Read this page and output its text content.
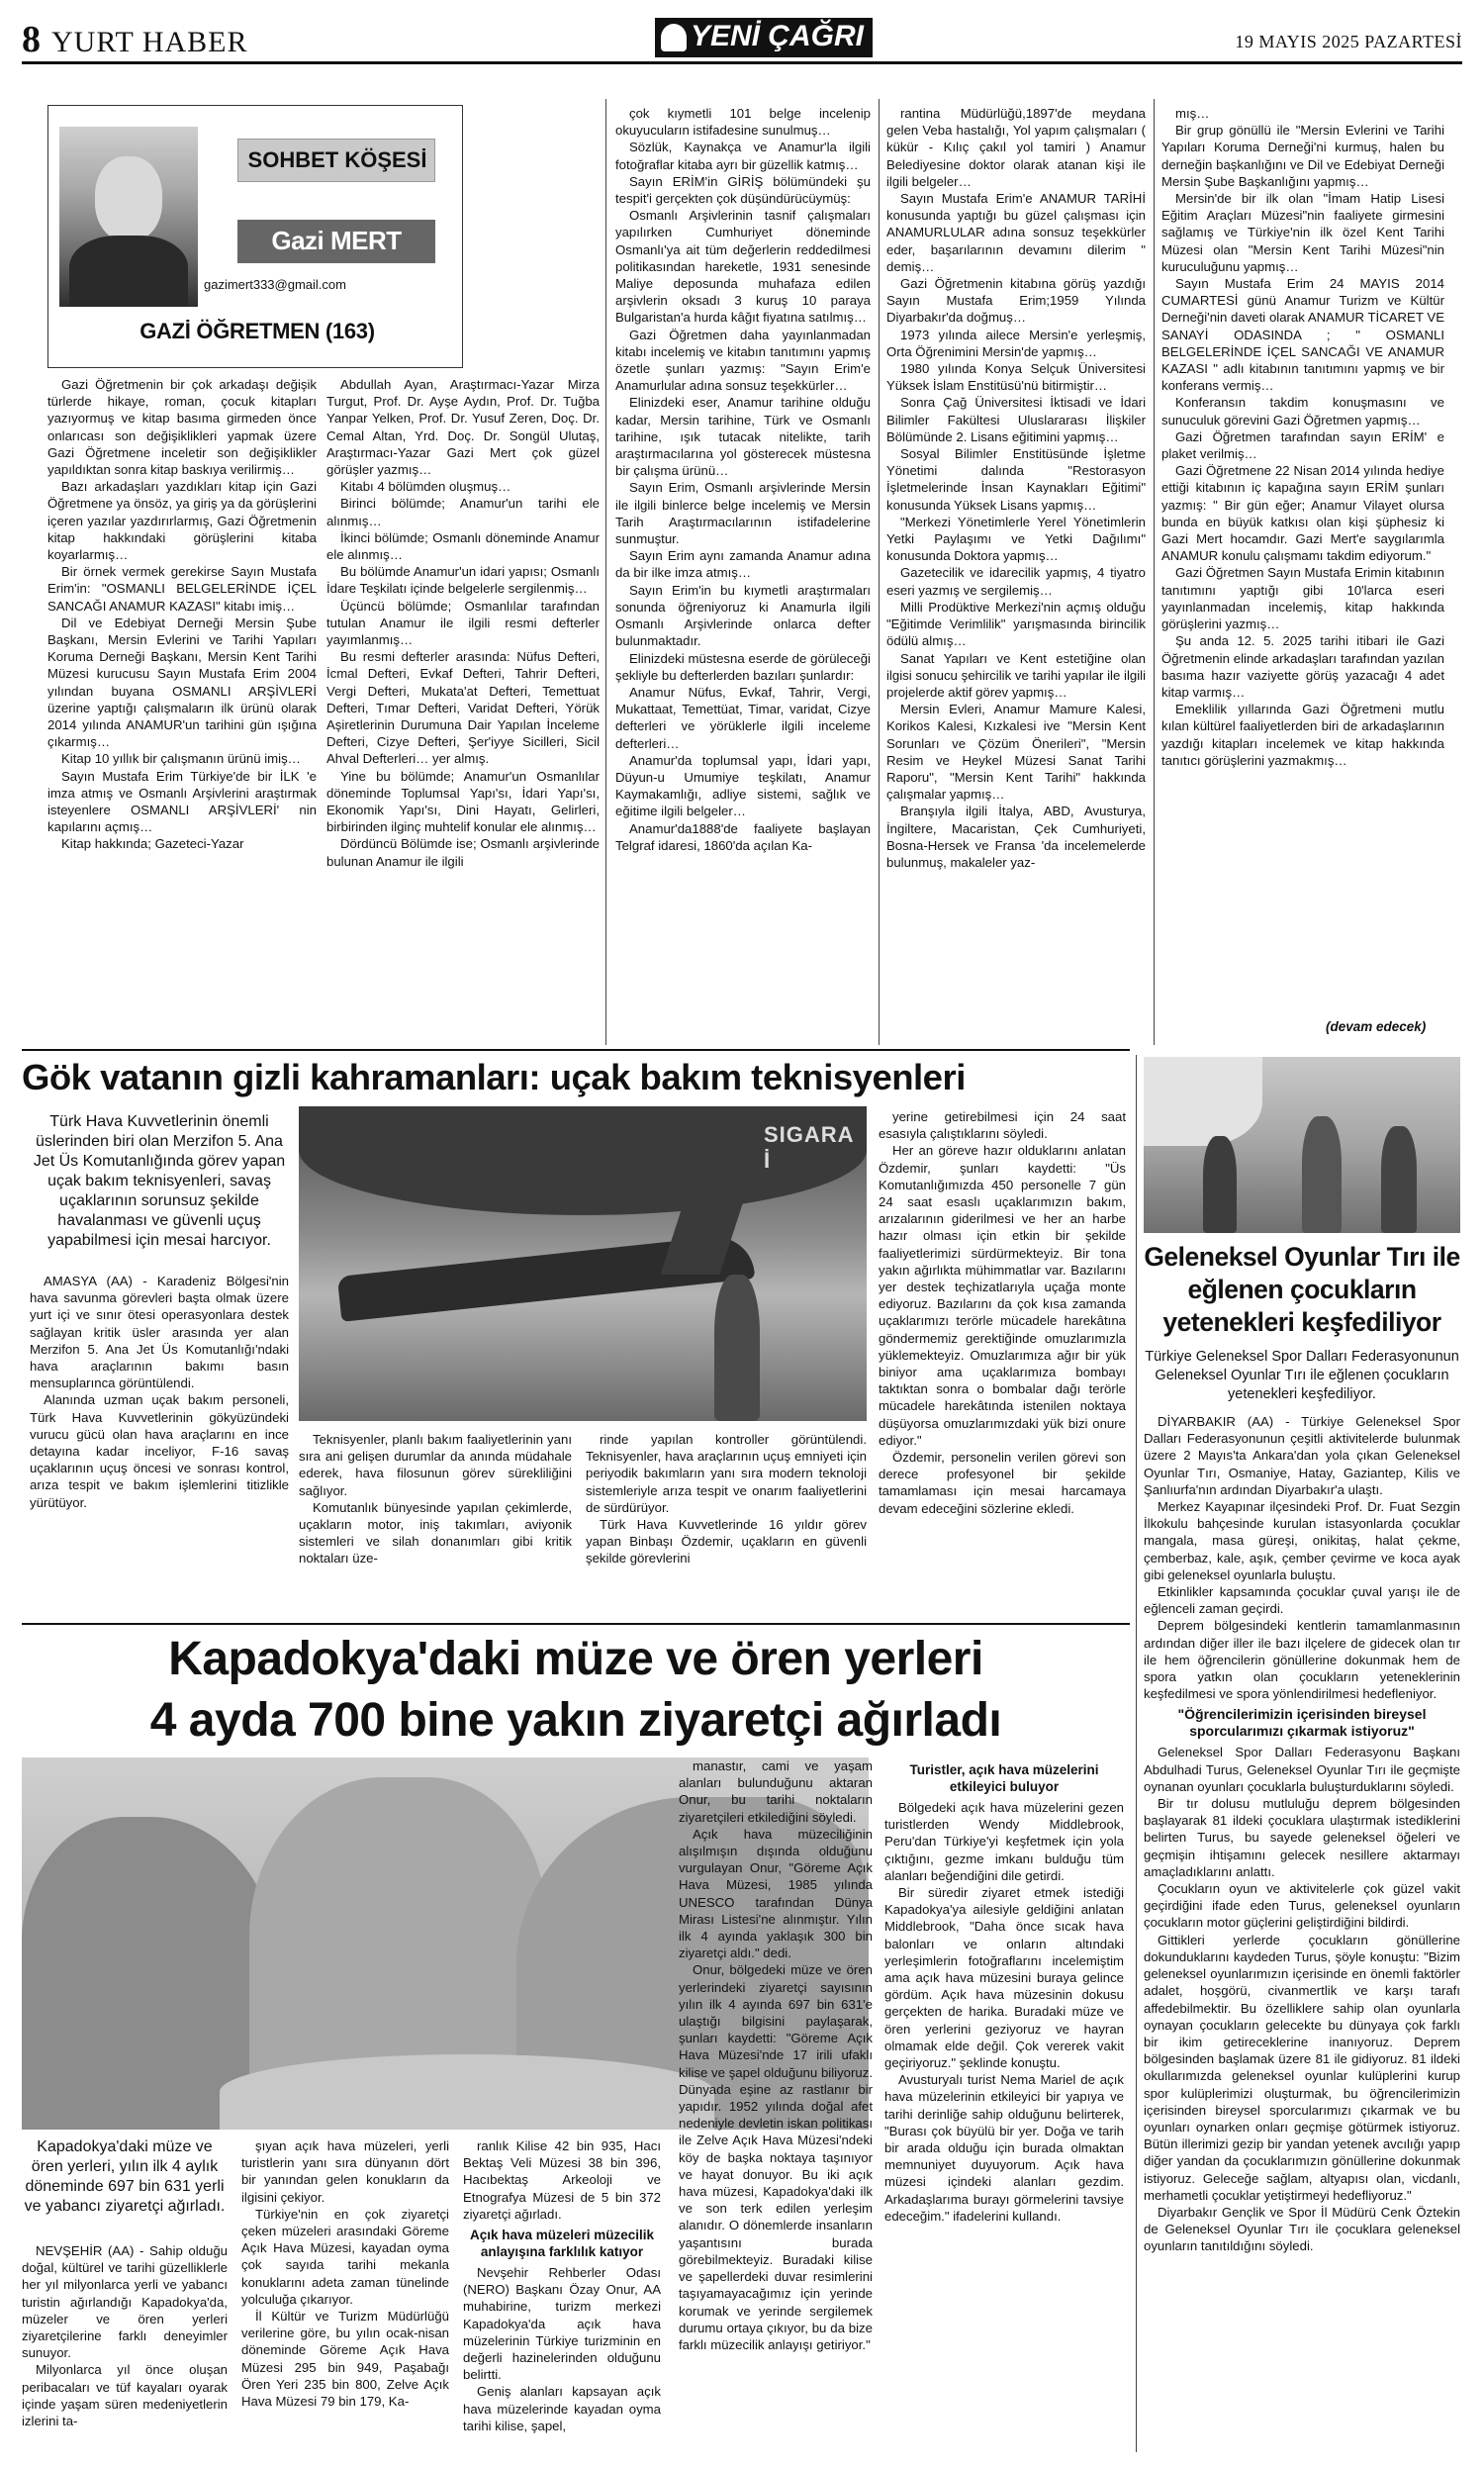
8 YURT HABER	YENİ ÇAĞRI	19 MAYIS 2025 PAZARTESİ
SOHBET KÖŞESİ
Gazi MERT
gazimert333@gmail.com
GAZİ ÖĞRETMEN (163)

Gazi Öğretmenin bir çok arkadaşı değişik türlerde hikaye, roman, çocuk kitapları yazıyormuş ve kitap basıma girmeden önce onlarıcası son değişiklikleri yapmak üzere Gazi Öğretmene inceletir son değişiklikler yapıldıktan sonra kitap baskıya verilirmiş…

Bazı arkadaşları yazdıkları kitap için Gazi Öğretmene ya önsöz, ya giriş ya da görüşlerini içeren yazılar yazdırırlarmış, Gazi Öğretmenin kitap hakkındaki görüşlerini kitaba koyarlarmış…

Bir örnek vermek gerekirse Sayın Mustafa Erim'in: "OSMANLI BELGELERİNDE İÇEL SANCAĞI ANAMUR KAZASI" kitabı imiş…

Dil ve Edebiyat Derneği Mersin Şube Başkanı, Mersin Evlerini ve Tarihi Yapıları Koruma Derneği Başkanı, Mersin Kent Tarihi Müzesi kurucusu Sayın Mustafa Erim 2004 yılından buyana OSMANLI ARŞİVLERİ üzerine yaptığı çalışmaların ilk ürünü olarak 2014 yılında ANAMUR'un tarihini gün ışığına çıkarmış…

Kitap 10 yıllık bir çalışmanın ürünü imiş…

Sayın Mustafa Erim Türkiye'de bir İLK 'e imza atmış ve Osmanlı Arşivlerini araştırmak isteyenlere OSMANLI ARŞİVLERİ' nin kapılarını açmış…

Kitap hakkında; Gazeteci-Yazar

Abdullah Ayan, Araştırmacı-Yazar Mirza Turgut, Prof. Dr. Ayşe Aydın, Prof. Dr. Tuğba Yanpar Yelken, Prof. Dr. Yusuf Zeren, Doç. Dr. Cemal Altan, Yrd. Doç. Dr. Songül Ulutaş, Araştırmacı-Yazar Gazi Mert çok güzel görüşler yazmış…

Kitabı 4 bölümden oluşmuş…

Birinci bölümde; Anamur'un tarihi ele alınmış…

İkinci bölümde; Osmanlı döneminde Anamur ele alınmış…

Bu bölümde Anamur'un idari yapısı; Osmanlı İdare Teşkilatı içinde belgelerle sergilenmiş…

Üçüncü bölümde; Osmanlılar tarafından tutulan Anamur ile ilgili resmi defterler yayımlanmış…

Bu resmi defterler arasında: Nüfus Defteri, İcmal Defteri, Evkaf Defteri, Tahrir Defteri, Vergi Defteri, Mukata'at Defteri, Temettuat Defteri, Tımar Defteri, Varidat Defteri, Yörük Aşiretlerinin Durumuna Dair Yapılan İnceleme Defteri, Cizye Defteri, Şer'iyye Sicilleri, Sicil Ahval Defterleri… yer almış.

Yine bu bölümde; Anamur'un Osmanlılar döneminde Toplumsal Yapı'sı, İdari Yapı'sı, Ekonomik Yapı'sı, Dini Hayatı, Gelirleri, birbirinden ilginç muhtelif konular ele alınmış…

Dördüncü Bölümde ise; Osmanlı arşivlerinde bulunan Anamur ile ilgili

çok kıymetli 101 belge incelenip okuyucuların istifadesine sunulmuş…

Sözlük, Kaynakça ve Anamur'la ilgili fotoğraflar kitaba ayrı bir güzellik katmış…

Sayın ERİM'in GİRİŞ bölümündeki şu tespit'i gerçekten çok düşündürücüymüş:

Osmanlı Arşivlerinin tasnif çalışmaları yapılırken Cumhuriyet döneminde Osmanlı'ya ait tüm değerlerin reddedilmesi politikasından hareketle, 1931 senesinde Maliye deposunda muhafaza edilen arşivlerin oksadı 3 kuruş 10 paraya Bulgaristan'a hurda kâğıt fiyatına satılmış…

Gazi Öğretmen daha yayınlanmadan kitabı incelemiş ve kitabın tanıtımını yapmış özetle şunları yazmış: "Sayın Erim'e Anamurlular adına sonsuz teşekkürler…

Elinizdeki eser, Anamur tarihine olduğu kadar, Mersin tarihine, Türk ve Osmanlı tarihine, ışık tutacak nitelikte, tarih araştırmacılarına yol gösterecek müstesna bir çalışma ürünü…

Sayın Erim, Osmanlı arşivlerinde Mersin ile ilgili binlerce belge incelemiş ve Mersin Tarih Araştırmacılarının istifadelerine sunmuştur.

Sayın Erim aynı zamanda Anamur adına da bir ilke imza atmış…

Sayın Erim'in bu kıymetli araştırmaları sonunda öğreniyoruz ki Anamurla ilgili Osmanlı Arşivlerinde onlarca defter bulunmaktadır.

Elinizdeki müstesna eserde de görüleceği şekliyle bu defterlerden bazıları şunlardır:

Anamur Nüfus, Evkaf, Tahrir, Vergi, Mukattaat, Temettüat, Timar, varidat, Cizye defterleri ve yörüklerle ilgili inceleme defterleri…

Anamur'da toplumsal yapı, İdari yapı, Düyun-u Umumiye teşkilatı, Anamur Kaymakamlığı, adliye sistemi, sağlık ve eğitime ilgili belgeler…

Anamur'da1888'de faaliyete başlayan Telgraf idaresi, 1860'da açılan Ka-

rantina Müdürlüğü,1897'de meydana gelen Veba hastalığı, Yol yapım çalışmaları ( kükür - Kılıç çakıl yol tamiri ) Anamur Belediyesine doktor olarak atanan kişi ile ilgili belgeler…

Sayın Mustafa Erim'e ANAMUR TARİHİ konusunda yaptığı bu güzel çalışması için ANAMURLULAR adına sonsuz teşekkürler eder, başarılarının devamını dilerim " demiş…

Gazi Öğretmenin kitabına görüş yazdığı Sayın Mustafa Erim;1959 Yılında Diyarbakır'da doğmuş…

1973 yılında ailece Mersin'e yerleşmiş, Orta Öğrenimini Mersin'de yapmış…

1980 yılında Konya Selçuk Üniversitesi Yüksek İslam Enstitüsü'nü bitirmiştir…

Sonra Çağ Üniversitesi İktisadi ve İdari Bilimler Fakültesi Uluslararası İlişkiler Bölümünde 2. Lisans eğitimini yapmış…

Sosyal Bilimler Enstitüsünde İşletme Yönetimi dalında "Restorasyon İşletmelerinde İnsan Kaynakları Eğitimi" konusunda Yüksek Lisans yapmış…

"Merkezi Yönetimlerle Yerel Yönetimlerin Yetki Paylaşımı ve Yetki Dağılımı" konusunda Doktora yapmış…

Gazetecilik ve idarecilik yapmış, 4 tiyatro eseri yazmış ve sergilemiş…

Milli Prodüktive Merkezi'nin açmış olduğu "Eğitimde Verimlilik" yarışmasında birincilik ödülü almış…

Sanat Yapıları ve Kent estetiğine olan ilgisi sonucu şehircilik ve tarihi yapılar ile ilgili projelerde aktif görev yapmış…

Mersin Evleri, Anamur Mamure Kalesi, Korikos Kalesi, Kızkalesi ive "Mersin Kent Sorunları ve Çözüm Önerileri", "Mersin Resim ve Heykel Müzesi Sanat Tarihi Raporu", "Mersin Kent Tarihi" hakkında çalışmalar yapmış…

Branşıyla ilgili İtalya, ABD, Avusturya, İngiltere, Macaristan, Çek Cumhuriyeti, Bosna-Hersek ve Fransa 'da incelemelerde bulunmuş, makaleler yaz-

mış…

Bir grup gönüllü ile "Mersin Evlerini ve Tarihi Yapıları Koruma Derneği'ni kurmuş, halen bu derneğin başkanlığını ve Dil ve Edebiyat Derneği Mersin Şube Başkanlığını yapmış…

Mersin'de bir ilk olan "İmam Hatip Lisesi Eğitim Araçları Müzesi"nin faaliyete girmesini sağlamış ve Türkiye'nin ilk özel Kent Tarihi Müzesi olan "Mersin Kent Tarihi Müzesi"nin kuruculuğunu yapmış…

Sayın Mustafa Erim 24 MAYIS 2014 CUMARTESİ günü Anamur Turizm ve Kültür Derneği'nin daveti olarak ANAMUR TİCARET VE SANAYİ ODASINDA ; " OSMANLI BELGELERİNDE İÇEL SANCAĞI VE ANAMUR KAZASI " adlı kitabının tanıtımını yapmış ve bir konferans vermiş…

Konferansın takdim konuşmasını ve sunuculuk görevini Gazi Öğretmen yapmış…

Gazi Öğretmen tarafından sayın ERİM' e plaket verilmiş…

Gazi Öğretmene 22 Nisan 2014 yılında hediye ettiği kitabının iç kapağına sayın ERİM şunları yazmış: " Bir gün eğer; Anamur Vilayet olursa bunda en büyük katkısı olan kişi şüphesiz ki Gazi Mert hocamdır. Gazi Mert'e saygılarımla ANAMUR konulu çalışmamı takdim ediyorum."

Gazi Öğretmen Sayın Mustafa Erimin kitabının tanıtımını yaptığı gibi 10'larca eseri yayınlanmadan incelemiş, kitap hakkında görüşlerini yazmış…

Şu anda 12. 5. 2025 tarihi itibari ile Gazi Öğretmenin elinde arkadaşları tarafından yazılan basıma hazır vaziyette görüş yazacağı 4 adet kitap varmış…

Emeklilik yıllarında Gazi Öğretmeni mutlu kılan kültürel faaliyetlerden biri de arkadaşlarının yazdığı kitapları incelemek ve kitap hakkında tanıtıcı görüşlerini yazmakmış…

(devam edecek)
Gök vatanın gizli kahramanları: uçak bakım teknisyenleri
Türk Hava Kuvvetlerinin önemli üslerinden biri olan Merzifon 5. Ana Jet Üs Komutanlığında görev yapan uçak bakım teknisyenleri, savaş uçaklarının sorunsuz şekilde havalanması ve güvenli uçuş yapabilmesi için mesai harcıyor.
SIGARA İ

AMASYA (AA) - Karadeniz Bölgesi'nin hava savunma görevleri başta olmak üzere yurt içi ve sınır ötesi operasyonlara destek sağlayan kritik üsler arasında yer alan Merzifon 5. Ana Jet Üs Komutanlığı'ndaki hava araçlarının bakımı basın mensuplarınca görüntülendi.

Alanında uzman uçak bakım personeli, Türk Hava Kuvvetlerinin gökyüzündeki vurucu gücü olan hava araçlarını en ince detayına kadar inceliyor, F-16 savaş uçaklarının uçuş öncesi ve sonrası kontrol, arıza tespit ve bakım işlemlerini titizlikle yürütüyor.

Teknisyenler, planlı bakım faaliyetlerinin yanı sıra ani gelişen durumlar da anında müdahale ederek, hava filosunun görev sürekliliğini sağlıyor.

Komutanlık bünyesinde yapılan çekimlerde, uçakların motor, iniş takımları, aviyonik sistemleri ve silah donanımları gibi kritik noktaları üze-

rinde yapılan kontroller görüntülendi. Teknisyenler, hava araçlarının uçuş emniyeti için periyodik bakımların yanı sıra modern teknoloji sistemleriyle arıza tespit ve onarım faaliyetlerini de sürdürüyor.

Türk Hava Kuvvetlerinde 16 yıldır görev yapan Binbaşı Özdemir, uçakların en güvenli şekilde görevlerini

yerine getirebilmesi için 24 saat esasıyla çalıştıklarını söyledi.

Her an göreve hazır olduklarını anlatan Özdemir, şunları kaydetti: "Üs Komutanlığımızda 450 personelle 7 gün 24 saat esaslı uçaklarımızın bakım, arızalarının giderilmesi ve her an harbe hazır olması için etkin bir şekilde faaliyetlerimizi sürdürmekteyiz. Bir tona yakın ağırlıkta mühimmatlar var. Bazılarını yer destek teçhizatlarıyla uçağa monte ediyoruz. Bazılarını da çok kısa zamanda uçaklarımızı terörle mücadele harekâtına göndermemiz gerektiğinde omuzlarımızla yüklemekteyiz. Omuzlarımıza ağır bir yük biniyor ama uçaklarımıza bombayı taktıktan sonra o bombalar dağı terörle mücadele harekâtında istenilen noktaya düşüyorsa omuzlarımızdaki yük bizi onure ediyor."

Özdemir, personelin verilen görevi son derece profesyonel bir şekilde tamamlaması için mesai harcamaya devam edeceğini sözlerine ekledi.

Kapadokya'daki müze ve ören yerleri
4 ayda 700 bine yakın ziyaretçi ağırladı
Kapadokya'daki müze ve ören yerleri, yılın ilk 4 aylık döneminde 697 bin 631 yerli ve yabancı ziyaretçi ağırladı.

NEVŞEHİR (AA) - Sahip olduğu doğal, kültürel ve tarihi güzelliklerle her yıl milyonlarca yerli ve yabancı turistin ağırlandığı Kapadokya'da, müzeler ve ören yerleri ziyaretçilerine farklı deneyimler sunuyor.

Milyonlarca yıl önce oluşan peribacaları ve tüf kayaları oyarak içinde yaşam süren medeniyetlerin izlerini ta-

şıyan açık hava müzeleri, yerli turistlerin yanı sıra dünyanın dört bir yanından gelen konukların da ilgisini çekiyor.

Türkiye'nin en çok ziyaretçi çeken müzeleri arasındaki Göreme Açık Hava Müzesi, kayadan oyma çok sayıda tarihi mekanla konuklarını adeta zaman tünelinde yolculuğa çıkarıyor.

İl Kültür ve Turizm Müdürlüğü verilerine göre, bu yılın ocak-nisan döneminde Göreme Açık Hava Müzesi 295 bin 949, Paşabağı Ören Yeri 235 bin 800, Zelve Açık Hava Müzesi 79 bin 179, Ka-

ranlık Kilise 42 bin 935, Hacı Bektaş Veli Müzesi 38 bin 396, Hacıbektaş Arkeoloji ve Etnografya Müzesi de 5 bin 372 ziyaretçi ağırladı.

Açık hava müzeleri müzecilik anlayışına farklılık katıyor

Nevşehir Rehberler Odası (NERO) Başkanı Özay Onur, AA muhabirine, turizm merkezi Kapadokya'da açık hava müzelerinin Türkiye turizminin en değerli hazinelerinden olduğunu belirtti.

Geniş alanları kapsayan açık hava müzelerinde kayadan oyma tarihi kilise, şapel,

manastır, cami ve yaşam alanları bulunduğunu aktaran Onur, bu tarihi noktaların ziyaretçileri etkilediğini söyledi.

Açık hava müzeciliğinin alışılmışın dışında olduğunu vurgulayan Onur, "Göreme Açık Hava Müzesi, 1985 yılında UNESCO tarafından Dünya Mirası Listesi'ne alınmıştır. Yılın ilk 4 ayında yaklaşık 300 bin ziyaretçi aldı." dedi.

Onur, bölgedeki müze ve ören yerlerindeki ziyaretçi sayısının yılın ilk 4 ayında 697 bin 631'e ulaştığı bilgisini paylaşarak, şunları kaydetti: "Göreme Açık Hava Müzesi'nde 17 irili ufaklı kilise ve şapel olduğunu biliyoruz. Dünyada eşine az rastlanır bir yapıdır. 1952 yılında doğal afet nedeniyle devletin iskan politikası ile Zelve Açık Hava Müzesi'ndeki köy de başka noktaya taşınıyor ve hayat donuyor. Bu iki açık hava müzesi, Kapadokya'daki ilk ve son terk edilen yerleşim alanıdır. O dönemlerde insanların yaşantısını burada görebilmekteyiz. Buradaki kilise ve şapellerdeki duvar resimlerini taşıyamayacağımız için yerinde korumak ve yerinde sergilemek durumu ortaya çıkıyor, bu da bize farklı müzecilik anlayışı getiriyor."

Turistler, açık hava müzelerini etkileyici buluyor

Bölgedeki açık hava müzelerini gezen turistlerden Wendy Middlebrook, Peru'dan Türkiye'yi keşfetmek için yola çıktığını, gezme imkanı bulduğu tüm alanları beğendiğini dile getirdi.

Bir süredir ziyaret etmek istediği Kapadokya'ya ailesiyle geldiğini anlatan Middlebrook, "Daha önce sıcak hava balonları ve onların altındaki yerleşimlerin fotoğraflarını incelemiştim ama açık hava müzesini buraya gelince gördüm. Açık hava müzesinin dokusu gerçekten de harika. Buradaki müze ve ören yerlerini geziyoruz ve hayran olmamak elde değil. Çok vererek vakit geçiriyoruz." şeklinde konuştu.

Avusturyalı turist Nema Mariel de açık hava müzelerinin etkileyici bir yapıya ve tarihi derinliğe sahip olduğunu belirterek, "Burası çok büyülü bir yer. Doğa ve tarih bir arada olduğu için burada olmaktan memnuniyet duyuyorum. Açık hava müzesi içindeki alanları gezdim. Arkadaşlarıma burayı görmelerini tavsiye edeceğim." ifadelerini kullandı.

Geleneksel Oyunlar Tırı ile eğlenen çocukların yetenekleri keşfediliyor
Türkiye Geleneksel Spor Dalları Federasyonunun Geleneksel Oyunlar Tırı ile eğlenen çocukların yetenekleri keşfediliyor.

DİYARBAKIR (AA) - Türkiye Geleneksel Spor Dalları Federasyonunun çeşitli aktivitelerde bulunmak üzere 2 Mayıs'ta Ankara'dan yola çıkan Geleneksel Oyunlar Tırı, Osmaniye, Hatay, Gaziantep, Kilis ve Şanlıurfa'nın ardından Diyarbakır'a ulaştı.

Merkez Kayapınar ilçesindeki Prof. Dr. Fuat Sezgin İlkokulu bahçesinde kurulan istasyonlarda çocuklar mangala, masa güreşi, onikitaş, halat çekme, çemberbaz, kale, aşık, çember çevirme ve koca ayak gibi geleneksel oyunlarla buluştu.

Etkinlikler kapsamında çocuklar çuval yarışı ile de eğlenceli zaman geçirdi.

Deprem bölgesindeki kentlerin tamamlanmasının ardından diğer iller ile bazı ilçelere de gidecek olan tır ile hem öğrencilerin gönüllerine dokunmak hem de spora yatkın olan çocukların yeteneklerinin keşfedilmesi ve spora yönlendirilmesi hedefleniyor.

"Öğrencilerimizin içerisinden bireysel sporcularımızı çıkarmak istiyoruz"

Geleneksel Spor Dalları Federasyonu Başkanı Abdulhadi Turus, Geleneksel Oyunlar Tırı ile geçmişte oynanan oyunları çocuklarla buluşturduklarını söyledi.

Bir tır dolusu mutluluğu deprem bölgesinden başlayarak 81 ildeki çocuklara ulaştırmak istediklerini belirten Turus, bu sayede geleneksel öğeleri ve geçmişin ihtişamını gelecek nesillere aktarmayı amaçladıklarını anlattı.

Çocukların oyun ve aktivitelerle çok güzel vakit geçirdiğini ifade eden Turus, geleneksel oyunların çocukların motor güçlerini geliştirdiğini bildirdi.

Gittikleri yerlerde çocukların gönüllerine dokunduklarını kaydeden Turus, şöyle konuştu: "Bizim geleneksel oyunlarımızın içerisinde en önemli faktörler adalet, hoşgörü, civanmertlik ve karşı tarafı affedebilmektir. Bu özelliklere sahip olan oyunlarla oynayan çocukların gelecekte bu dünyaya çok farklı bir ikim getireceklerine inanıyoruz. Deprem bölgesinden başlamak üzere 81 ile gidiyoruz. 81 ildeki okullarımızda geleneksel oyunlar kulüplerini kurup spor kulüplerimizi oluşturmak, bu öğrencilerimizin içerisinden bireysel sporcularımızı çıkarmak ve bu oyunları oynarken onları geçmişe götürmek istiyoruz. Bütün illerimizi gezip bir yandan yetenek avcılığı yapıp diğer yandan da çocuklarımızın gönüllerine dokunmak istiyoruz. Geleceğe sağlam, altyapısı olan, vicdanlı, merhametli çocuklar yetiştirmeyi hedefliyoruz."

Diyarbakır Gençlik ve Spor İl Müdürü Cenk Öztekin de Geleneksel Oyunlar Tırı ile çocuklara geleneksel oyunların tanıtıldığını söyledi.
